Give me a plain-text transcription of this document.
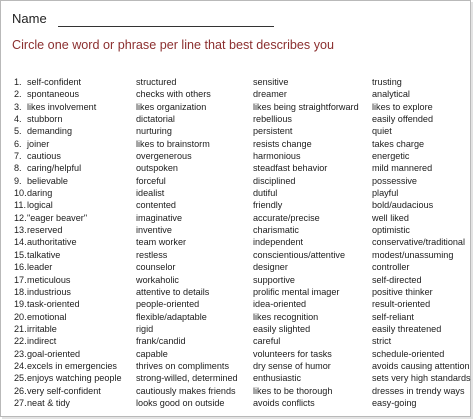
Name
Circle one word or phrase per line that best describes you
1. self-confident
2. spontaneous
3. likes involvement
4. stubborn
5. demanding
6. joiner
7. cautious
8. caring/helpful
9. believable
10.daring
11.logical
12."eager beaver"
13.reserved
14.authoritative
15.talkative
16.leader
17.meticulous
18.industrious
19.task-oriented
20.emotional
21.irritable
22.indirect
23.goal-oriented
24.excels in emergencies
25.enjoys watching people
26.very self-confident
27.neat & tidy
structured
checks with others
likes organization
dictatorial
nurturing
likes to brainstorm
overgenerous
outspoken
forceful
idealist
contented
imaginative
inventive
team worker
restless
counselor
workaholic
attentive to details
people-oriented
flexible/adaptable
rigid
frank/candid
capable
thrives on compliments
strong-willed, determined
cautiously makes friends
looks good on outside
sensitive
dreamer
likes being straightforward
rebellious
persistent
resists change
harmonious
steadfast behavior
disciplined
dutiful
friendly
accurate/precise
charismatic
independent
conscientious/attentive
designer
supportive
prolific mental imager
idea-oriented
likes recognition
easily slighted
careful
volunteers for tasks
dry sense of humor
enthusiastic
likes to be thorough
avoids conflicts
trusting
analytical
likes to explore
easily offended
quiet
takes charge
energetic
mild mannered
possessive
playful
bold/audacious
well liked
optimistic
conservative/traditional
modest/unassuming
controller
self-directed
positive thinker
result-oriented
self-reliant
easily threatened
strict
schedule-oriented
avoids causing attention
sets very high standards
dresses in trendy ways
easy-going
